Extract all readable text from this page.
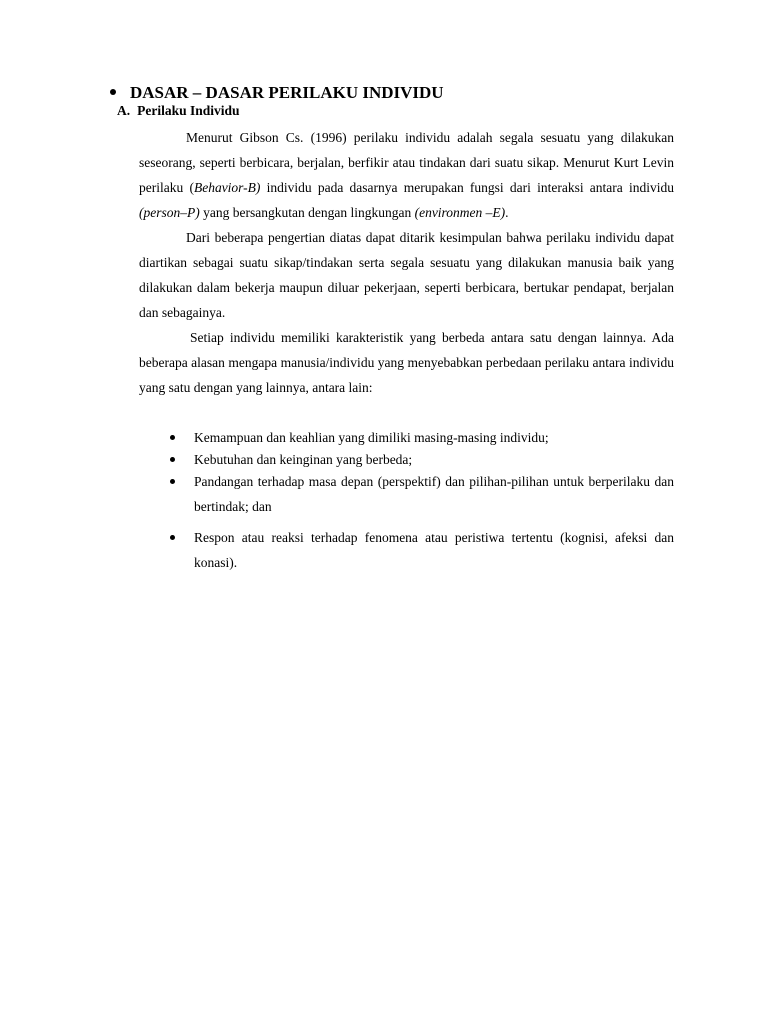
DASAR – DASAR PERILAKU INDIVIDU
A. Perilaku Individu

Menurut Gibson Cs. (1996) perilaku individu adalah segala sesuatu yang dilakukan seseorang, seperti berbicara, berjalan, berfikir atau tindakan dari suatu sikap. Menurut Kurt Levin perilaku (Behavior-B) individu pada dasarnya merupakan fungsi dari interaksi antara individu (person–P) yang bersangkutan dengan lingkungan (environmen –E).

Dari beberapa pengertian diatas dapat ditarik kesimpulan bahwa perilaku individu dapat diartikan sebagai suatu sikap/tindakan serta segala sesuatu yang dilakukan manusia baik yang dilakukan dalam bekerja maupun diluar pekerjaan, seperti berbicara, bertukar pendapat, berjalan dan sebagainya.

Setiap individu memiliki karakteristik yang berbeda antara satu dengan lainnya. Ada beberapa alasan mengapa manusia/individu yang menyebabkan perbedaan perilaku antara individu yang satu dengan yang lainnya, antara lain:

Kemampuan dan keahlian yang dimiliki masing-masing individu;
Kebutuhan dan keinginan yang berbeda;
Pandangan terhadap masa depan (perspektif) dan pilihan-pilihan untuk berperilaku dan bertindak; dan
Respon atau reaksi terhadap fenomena atau peristiwa tertentu (kognisi, afeksi dan konasi).
